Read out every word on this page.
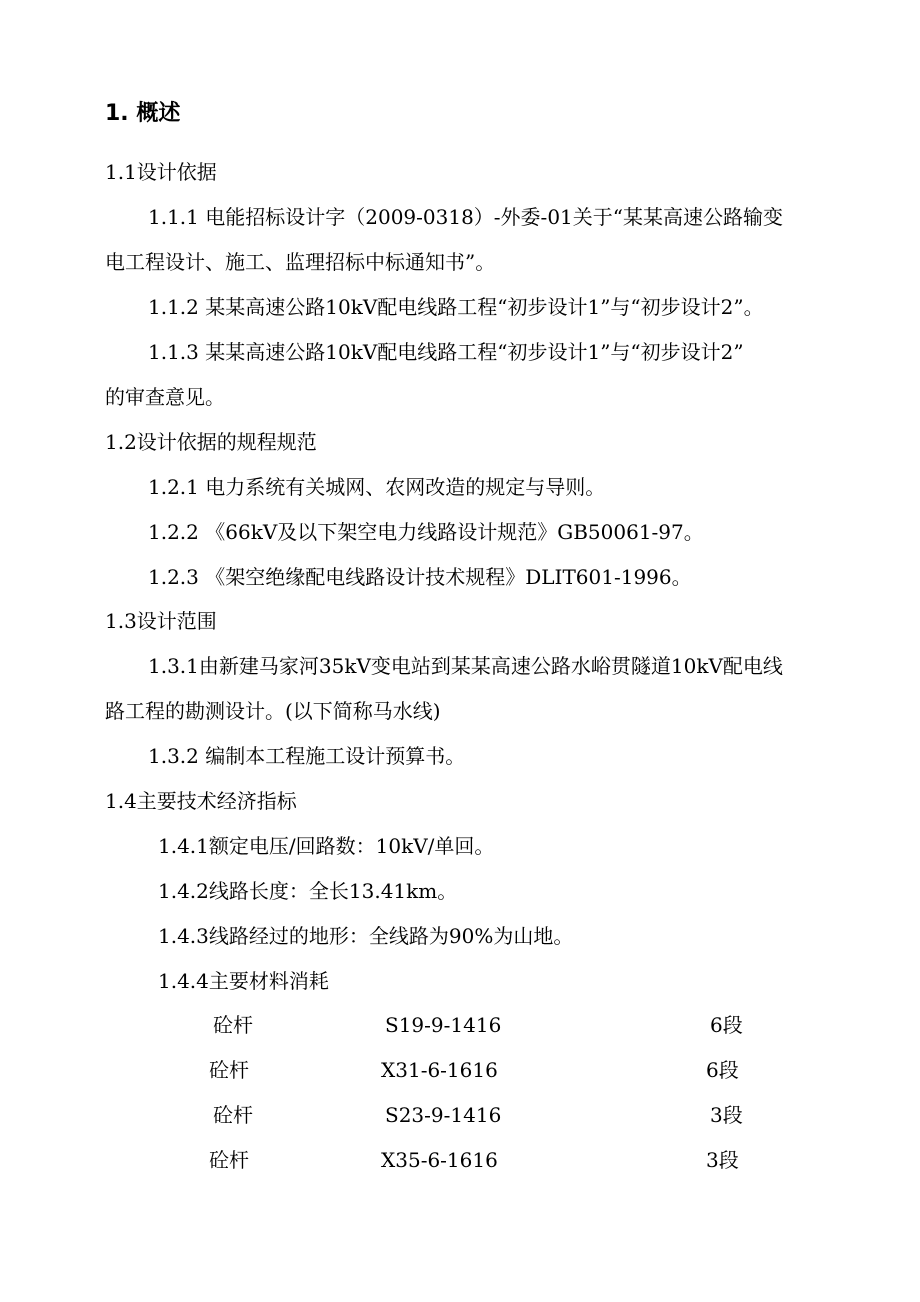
1. 概述
1.1设计依据
1.1.1 电能招标设计字（2009-0318）-外委-01关于“某某高速公路输变
电工程设计、施工、监理招标中标通知书”。
1.1.2 某某高速公路10kV配电线路工程“初步设计1”与“初步设计2”。
1.1.3 某某高速公路10kV配电线路工程“初步设计1”与“初步设计2”
的审查意见。
1.2设计依据的规程规范
1.2.1 电力系统有关城网、农网改造的规定与导则。
1.2.2 《66kV及以下架空电力线路设计规范》GB50061-97。
1.2.3 《架空绝缘配电线路设计技术规程》DLIT601-1996。
1.3设计范围
1.3.1由新建马家河35kV变电站到某某高速公路水峪贯隧道10kV配电线
路工程的勘测设计。(以下简称马水线)
1.3.2 编制本工程施工设计预算书。
1.4主要技术经济指标
1.4.1额定电压/回路数：10kV/单回。
1.4.2线路长度：全长13.41km。
1.4.3线路经过的地形：全线路为90%为山地。
1.4.4主要材料消耗
砼杆	S19-9-1416	6段
砼杆	X31-6-1616	6段
砼杆	S23-9-1416	3段
砼杆	X35-6-1616	3段
